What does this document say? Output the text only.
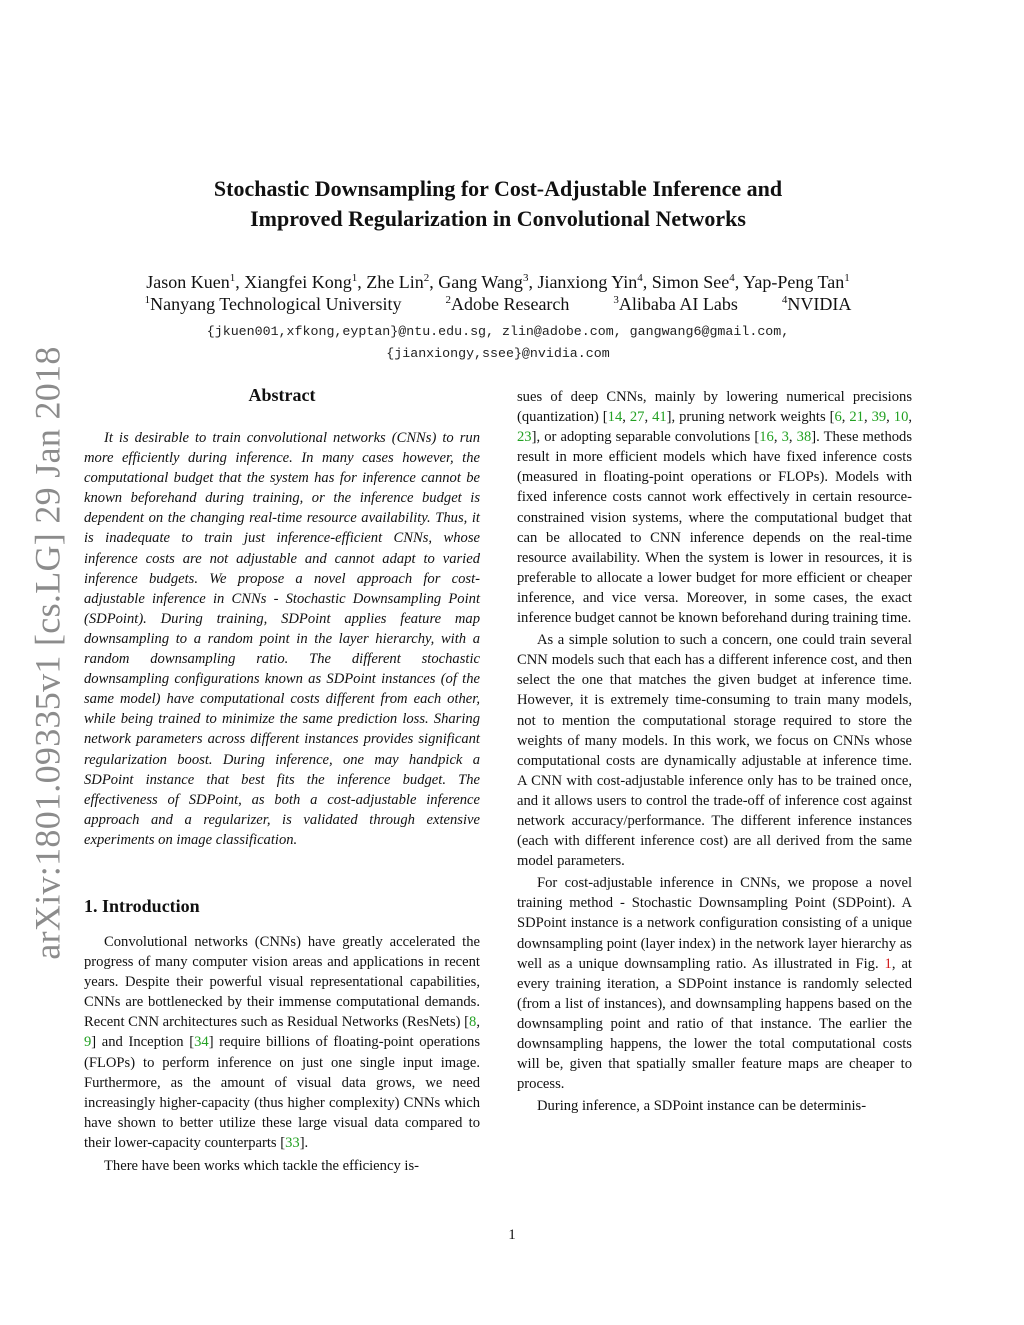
arXiv:1801.09335v1 [cs.LG] 29 Jan 2018
Stochastic Downsampling for Cost-Adjustable Inference and
Improved Regularization in Convolutional Networks
Jason Kuen$^1$, Xiangfei Kong$^1$, Zhe Lin$^2$, Gang Wang$^3$, Jianxiong Yin$^4$, Simon See$^4$, Yap-Peng Tan$^1$
$^1$Nanyang Technological University	$^2$Adobe Research	$^3$Alibaba AI Labs	$^4$NVIDIA
{jkuen001,xfkong,eyptan}@ntu.edu.sg, zlin@adobe.com, gangwang6@gmail.com,
{jianxiongy,ssee}@nvidia.com
Abstract

It is desirable to train convolutional networks (CNNs) to run more efficiently during inference. In many cases however, the computational budget that the system has for inference cannot be known beforehand during training, or the inference budget is dependent on the changing real-time resource availability. Thus, it is inadequate to train just inference-efficient CNNs, whose inference costs are not adjustable and cannot adapt to varied inference budgets. We propose a novel approach for cost-adjustable inference in CNNs - Stochastic Downsampling Point (SDPoint). During training, SDPoint applies feature map downsampling to a random point in the layer hierarchy, with a random downsampling ratio. The different stochastic downsampling configurations known as SDPoint instances (of the same model) have computational costs different from each other, while being trained to minimize the same prediction loss. Sharing network parameters across different instances provides significant regularization boost. During inference, one may handpick a SDPoint instance that best fits the inference budget. The effectiveness of SDPoint, as both a cost-adjustable inference approach and a regularizer, is validated through extensive experiments on image classification.

1. Introduction

Convolutional networks (CNNs) have greatly accelerated the progress of many computer vision areas and applications in recent years. Despite their powerful visual representational capabilities, CNNs are bottlenecked by their immense computational demands. Recent CNN architectures such as Residual Networks (ResNets) [8, 9] and Inception [34] require billions of floating-point operations (FLOPs) to perform inference on just one single input image. Furthermore, as the amount of visual data grows, we need increasingly higher-capacity (thus higher complexity) CNNs which have shown to better utilize these large visual data compared to their lower-capacity counterparts [33].

There have been works which tackle the efficiency is-

sues of deep CNNs, mainly by lowering numerical precisions (quantization) [14, 27, 41], pruning network weights [6, 21, 39, 10, 23], or adopting separable convolutions [16, 3, 38]. These methods result in more efficient models which have fixed inference costs (measured in floating-point operations or FLOPs). Models with fixed inference costs cannot work effectively in certain resource-constrained vision systems, where the computational budget that can be allocated to CNN inference depends on the real-time resource availability. When the system is lower in resources, it is preferable to allocate a lower budget for more efficient or cheaper inference, and vice versa. Moreover, in some cases, the exact inference budget cannot be known beforehand during training time.

As a simple solution to such a concern, one could train several CNN models such that each has a different inference cost, and then select the one that matches the given budget at inference time. However, it is extremely time-consuming to train many models, not to mention the computational storage required to store the weights of many models. In this work, we focus on CNNs whose computational costs are dynamically adjustable at inference time. A CNN with cost-adjustable inference only has to be trained once, and it allows users to control the trade-off of inference cost against network accuracy/performance. The different inference instances (each with different inference cost) are all derived from the same model parameters.

For cost-adjustable inference in CNNs, we propose a novel training method - Stochastic Downsampling Point (SDPoint). A SDPoint instance is a network configuration consisting of a unique downsampling point (layer index) in the network layer hierarchy as well as a unique downsampling ratio. As illustrated in Fig. 1, at every training iteration, a SDPoint instance is randomly selected (from a list of instances), and downsampling happens based on the downsampling point and ratio of that instance. The earlier the downsampling happens, the lower the total computational costs will be, given that spatially smaller feature maps are cheaper to process.

During inference, a SDPoint instance can be determinis-

1
